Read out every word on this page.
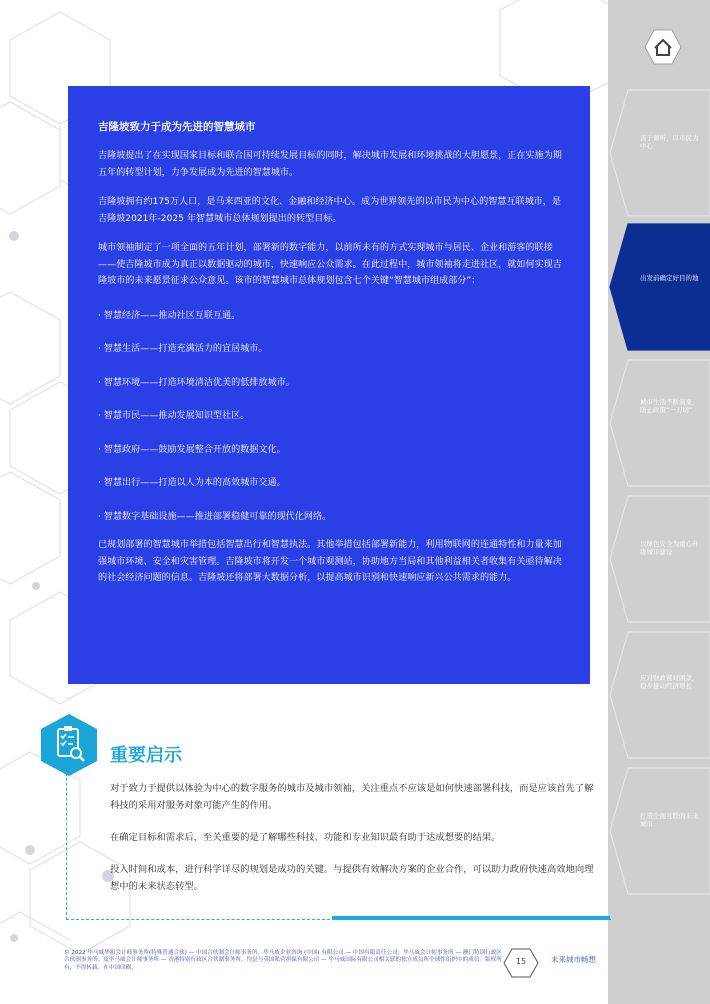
善于倾听，以市民为中心
出发前确定好目的地
城市生活不断演变，防止政策“一刀切”
以绿色安全为重心升级城市建设
应对财政紧时困款，稳步推动经济增长
打造全面互联的未来城市
吉隆坡致力于成为先进的智慧城市

吉隆坡提出了在实现国家目标和联合国可持续发展目标的同时，解决城市发展和环境挑战的大胆愿景，正在实施为期五年的转型计划，力争发展成为先进的智慧城市。

吉隆坡拥有约175万人口，是马来西亚的文化、金融和经济中心。成为世界领先的以市民为中心的智慧互联城市，是吉隆坡2021年-2025 年智慧城市总体规划提出的转型目标。

城市领袖制定了一项全面的五年计划，部署新的数字能力，以前所未有的方式实现城市与居民、企业和游客的联接——使吉隆坡市成为真正以数据驱动的城市，快速响应公众需求。在此过程中，城市领袖将走进社区，就如何实现吉隆坡市的未来愿景征求公众意见。该市的智慧城市总体规划包含七个关键“智慧城市组成部分”：

· 智慧经济——推动社区互联互通。
· 智慧生活——打造充满活力的宜居城市。
· 智慧环境——打造环境清洁优美的低排放城市。
· 智慧市民——推动发展知识型社区。
· 智慧政府——鼓励发展整合开放的数据文化。
· 智慧出行——打造以人为本的高效城市交通。
· 智慧数字基础设施——推进部署稳健可靠的现代化网络。

已规划部署的智慧城市举措包括智慧出行和智慧执法。其他举措包括部署新能力，利用物联网的连通特性和力量来加强城市环境、安全和灾害管理。吉隆坡市将开发一个城市观测站，协助地方当局和其他利益相关者收集有关亟待解决的社会经济问题的信息。吉隆坡还将部署大数据分析，以提高城市识别和快速响应新兴公共需求的能力。

重要启示

对于致力于提供以体验为中心的数字服务的城市及城市领袖，关注重点不应该是如何快速部署科技，而是应该首先了解科技的采用对服务对象可能产生的作用。

在确定目标和需求后，至关重要的是了解哪些科技、功能和专业知识最有助于达成想要的结果。

投入时间和成本，进行科学详尽的规划是成功的关键。与提供有效解决方案的企业合作，可以助力政府快速高效地向理想中的未来状态转型。

© 2022 毕马威华振会计师事务所(特殊普通合伙) — 中国合伙制会计师事务所；毕马威企业咨询 (中国) 有限公司 — 中国有限责任公司；毕马威会计师事务所 — 澳门特别行政区合伙制事务所；及毕马威会计师事务所 — 香港特别行政区合伙制事务所，均是与英国私营担保有限公司 — 毕马威国际有限公司相关联的独立成员所全球性组织中的成员。版权所有，不得转载。在中国印刷。
15	未来城市畅想
